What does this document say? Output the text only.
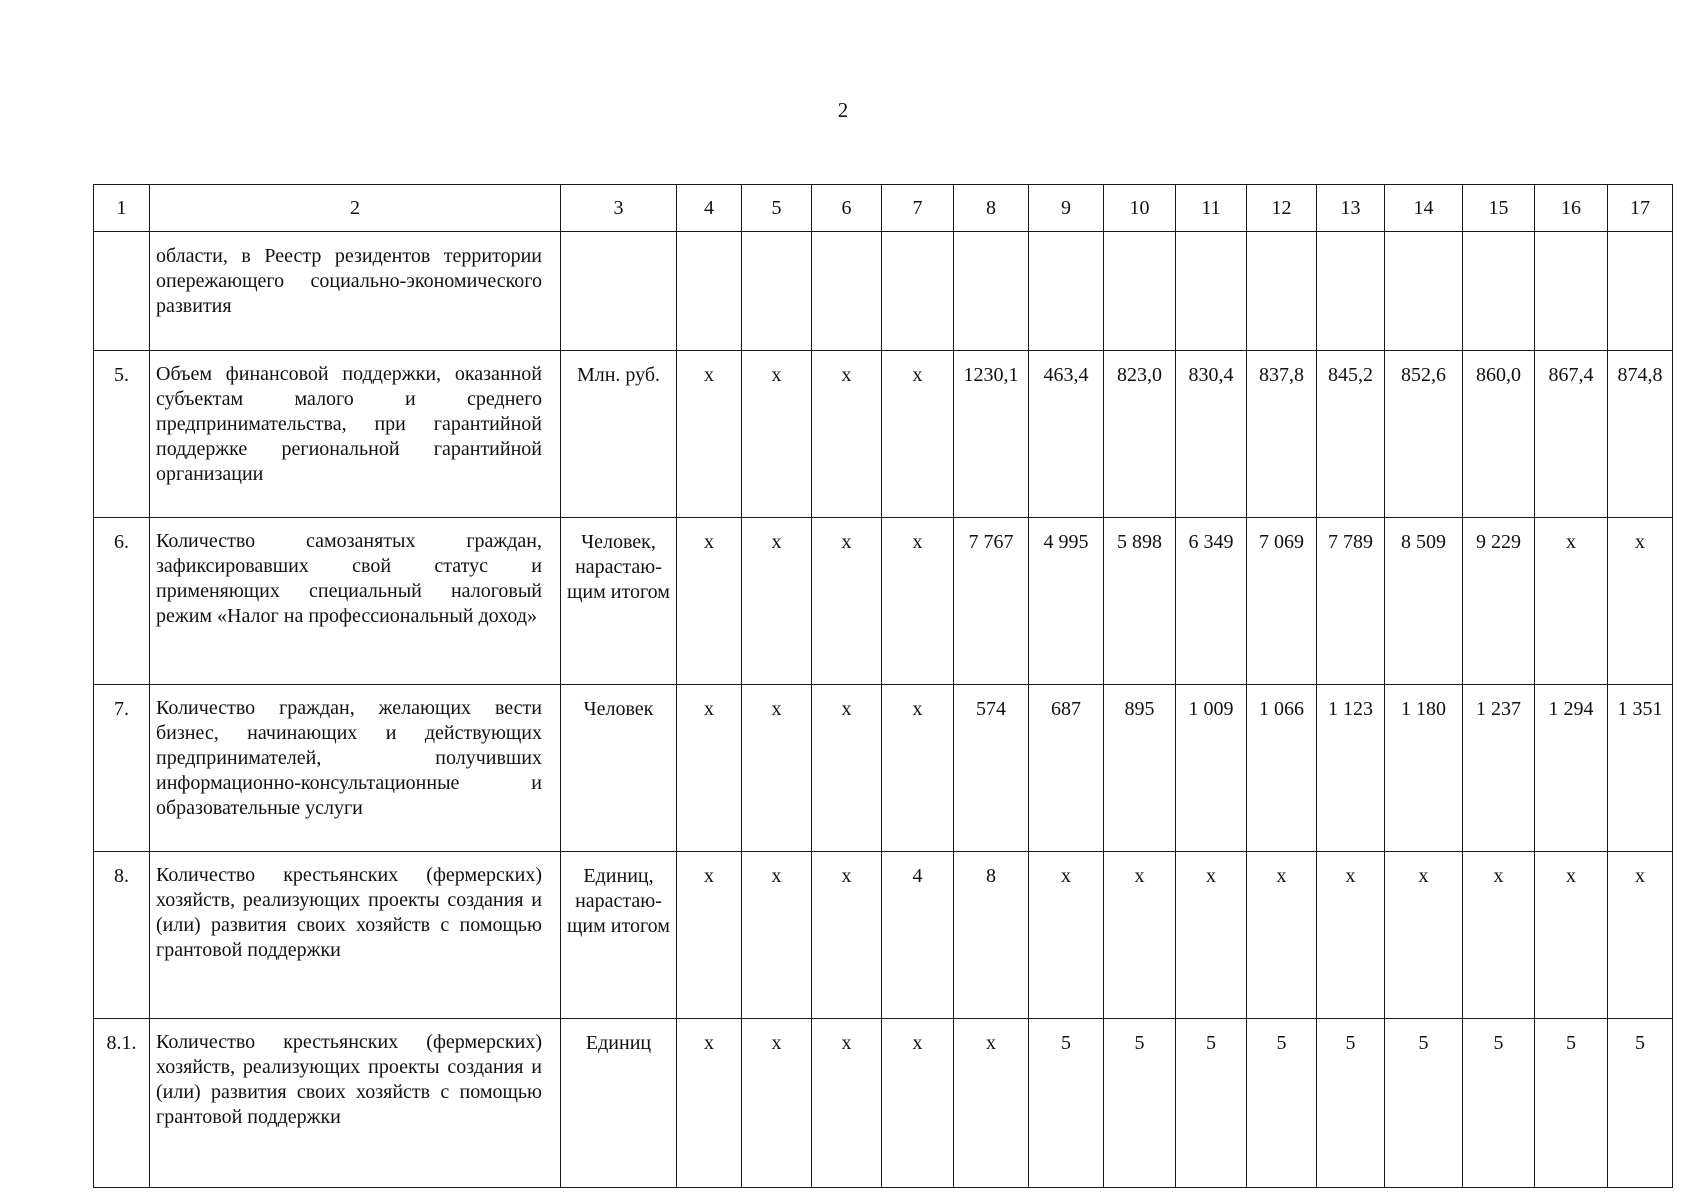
2
1	2	3	4	5	6	7	8	9	10	11	12	13	14	15	16	17
	области, в Реестр резидентов территории опережающего социально-экономического развития															
5.	Объем финансовой поддержки, оказанной субъектам малого и среднего предпринимательства, при гарантийной поддержке региональной гарантийной организации	Млн. руб.	х	х	х	х	1230,1	463,4	823,0	830,4	837,8	845,2	852,6	860,0	867,4	874,8
6.	Количество самозанятых граждан, зафиксировавших свой статус и применяющих специальный налоговый режим «Налог на профессиональный доход»	Человек, нарастаю-щим итогом	х	х	х	х	7 767	4 995	5 898	6 349	7 069	7 789	8 509	9 229	х	х
7.	Количество граждан, желающих вести бизнес, начинающих и действующих предпринимателей, получивших информационно-консультационные и образовательные услуги	Человек	х	х	х	х	574	687	895	1 009	1 066	1 123	1 180	1 237	1 294	1 351
8.	Количество крестьянских (фермерских) хозяйств, реализующих проекты создания и (или) развития своих хозяйств с помощью грантовой поддержки	Единиц, нарастаю-щим итогом	х	х	х	4	8	х	х	х	х	х	х	х	х	х
8.1.	Количество крестьянских (фермерских) хозяйств, реализующих проекты создания и (или) развития своих хозяйств с помощью грантовой поддержки	Единиц	х	х	х	х	х	5	5	5	5	5	5	5	5	5
